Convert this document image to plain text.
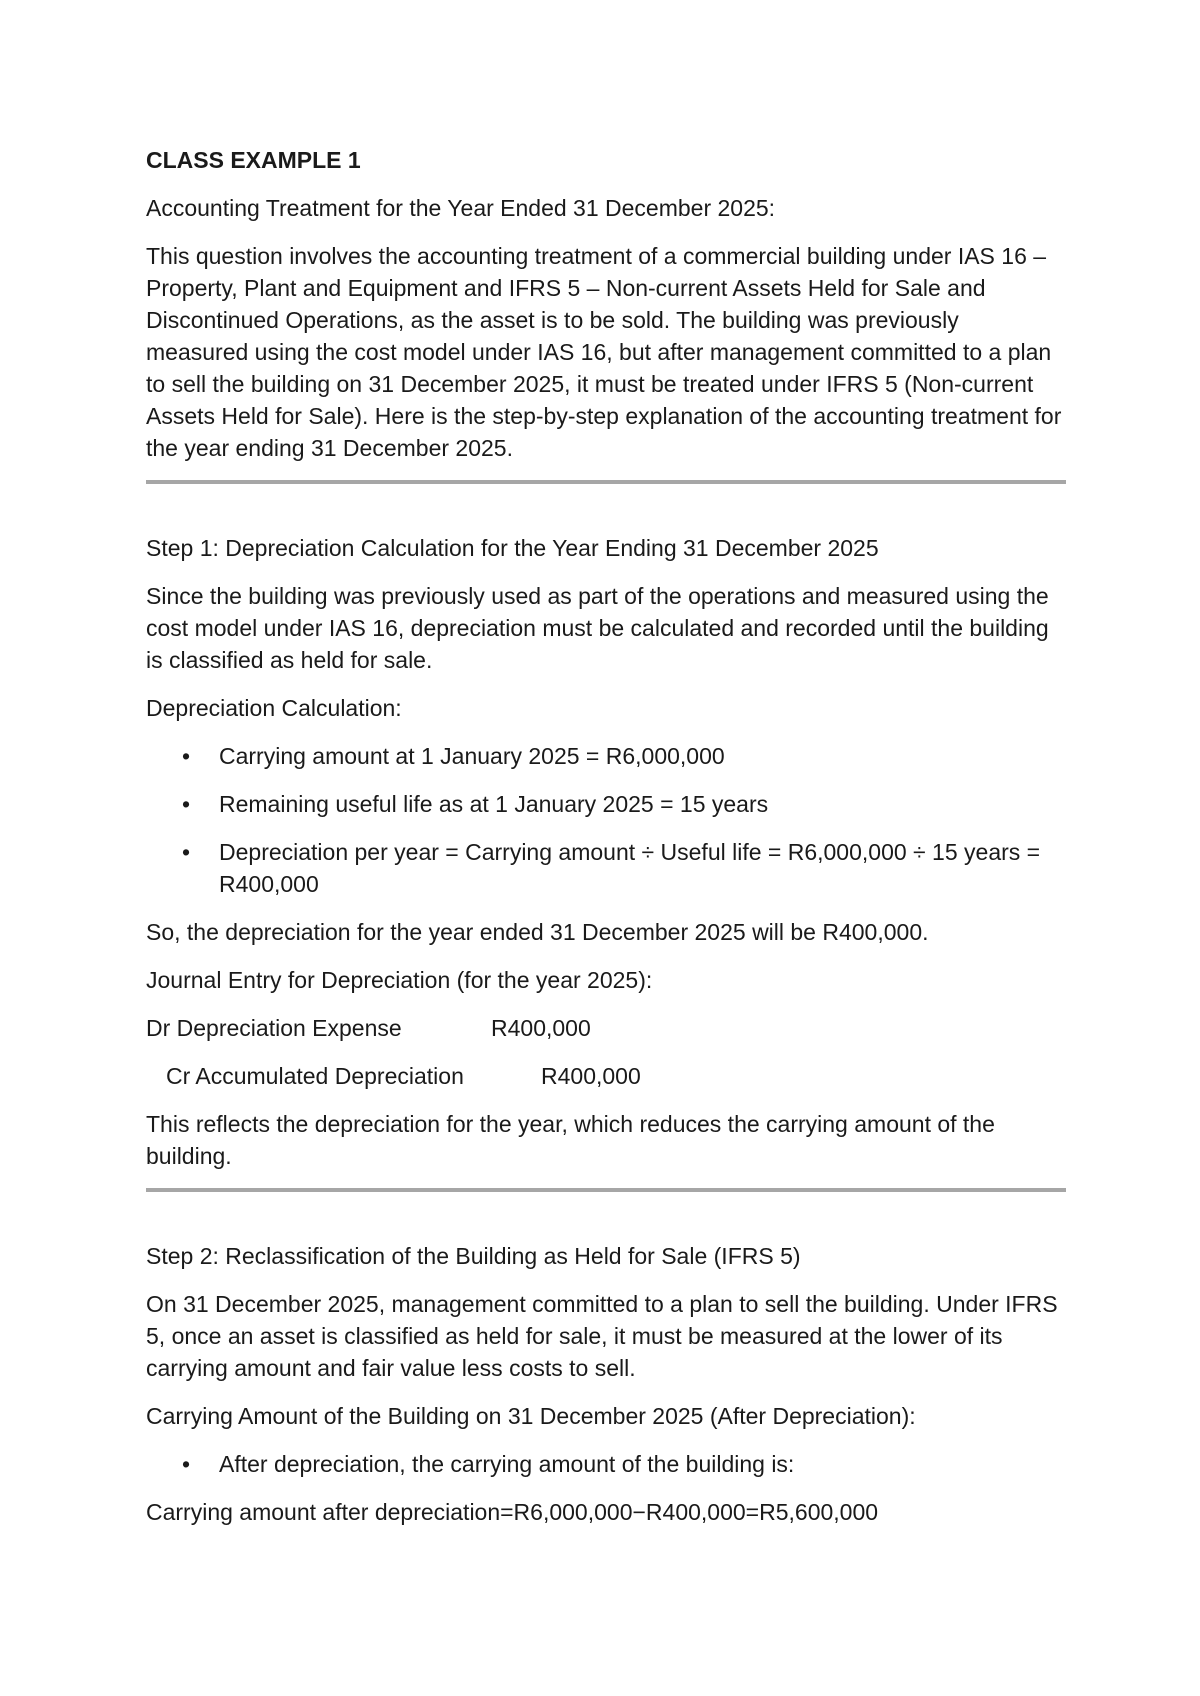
CLASS EXAMPLE 1

Accounting Treatment for the Year Ended 31 December 2025:

This question involves the accounting treatment of a commercial building under IAS 16 – Property, Plant and Equipment and IFRS 5 – Non-current Assets Held for Sale and Discontinued Operations, as the asset is to be sold. The building was previously measured using the cost model under IAS 16, but after management committed to a plan to sell the building on 31 December 2025, it must be treated under IFRS 5 (Non-current Assets Held for Sale). Here is the step-by-step explanation of the accounting treatment for the year ending 31 December 2025.

Step 1: Depreciation Calculation for the Year Ending 31 December 2025

Since the building was previously used as part of the operations and measured using the cost model under IAS 16, depreciation must be calculated and recorded until the building is classified as held for sale.

Depreciation Calculation:

• Carrying amount at 1 January 2025 = R6,000,000
• Remaining useful life as at 1 January 2025 = 15 years
• Depreciation per year = Carrying amount ÷ Useful life = R6,000,000 ÷ 15 years = R400,000

So, the depreciation for the year ended 31 December 2025 will be R400,000.

Journal Entry for Depreciation (for the year 2025):

Dr Depreciation Expense	R400,000
Cr Accumulated Depreciation	R400,000

This reflects the depreciation for the year, which reduces the carrying amount of the building.

Step 2: Reclassification of the Building as Held for Sale (IFRS 5)

On 31 December 2025, management committed to a plan to sell the building. Under IFRS 5, once an asset is classified as held for sale, it must be measured at the lower of its carrying amount and fair value less costs to sell.

Carrying Amount of the Building on 31 December 2025 (After Depreciation):

• After depreciation, the carrying amount of the building is:

Carrying amount after depreciation=R6,000,000−R400,000=R5,600,000
